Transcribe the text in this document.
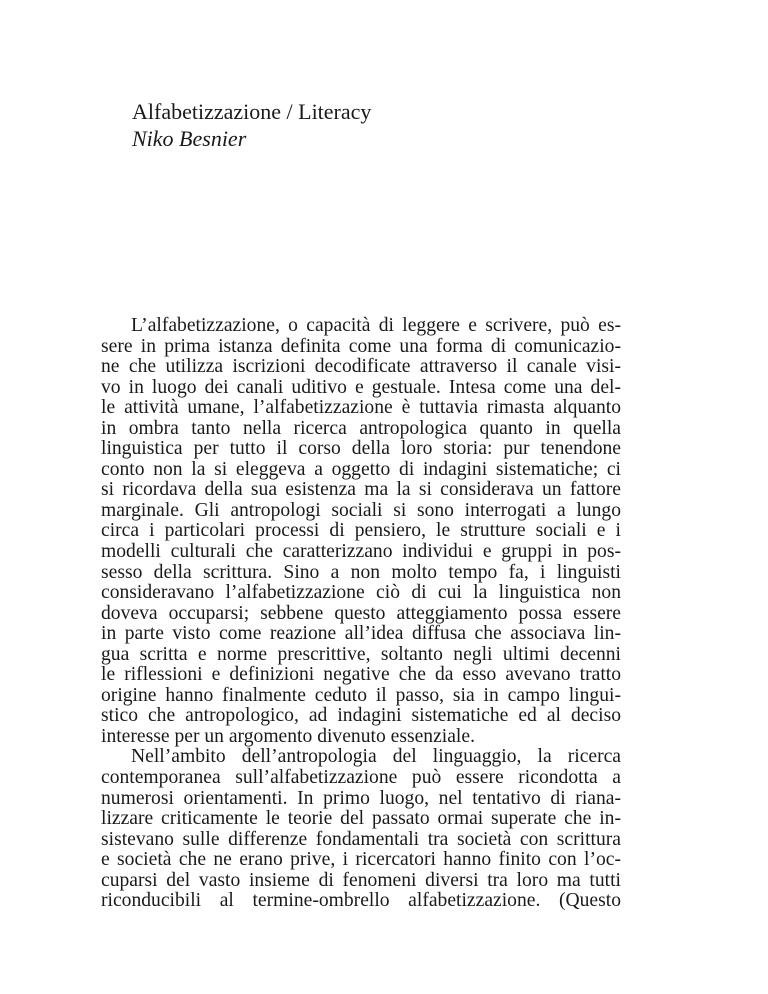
Alfabetizzazione / Literacy
Niko Besnier
L’alfabetizzazione, o capacità di leggere e scrivere, può es-
sere in prima istanza definita come una forma di comunicazio-
ne che utilizza iscrizioni decodificate attraverso il canale visi-
vo in luogo dei canali uditivo e gestuale. Intesa come una del-
le attività umane, l’alfabetizzazione è tuttavia rimasta alquanto
in ombra tanto nella ricerca antropologica quanto in quella
linguistica per tutto il corso della loro storia: pur tenendone
conto non la si eleggeva a oggetto di indagini sistematiche; ci
si ricordava della sua esistenza ma la si considerava un fattore
marginale. Gli antropologi sociali si sono interrogati a lungo
circa i particolari processi di pensiero, le strutture sociali e i
modelli culturali che caratterizzano individui e gruppi in pos-
sesso della scrittura. Sino a non molto tempo fa, i linguisti
consideravano l’alfabetizzazione ciò di cui la linguistica non
doveva occuparsi; sebbene questo atteggiamento possa essere
in parte visto come reazione all’idea diffusa che associava lin-
gua scritta e norme prescrittive, soltanto negli ultimi decenni
le riflessioni e definizioni negative che da esso avevano tratto
origine hanno finalmente ceduto il passo, sia in campo lingui-
stico che antropologico, ad indagini sistematiche ed al deciso
interesse per un argomento divenuto essenziale.
Nell’ambito dell’antropologia del linguaggio, la ricerca
contemporanea sull’alfabetizzazione può essere ricondotta a
numerosi orientamenti. In primo luogo, nel tentativo di riana-
lizzare criticamente le teorie del passato ormai superate che in-
sistevano sulle differenze fondamentali tra società con scrittura
e società che ne erano prive, i ricercatori hanno finito con l’oc-
cuparsi del vasto insieme di fenomeni diversi tra loro ma tutti
riconducibili al termine-ombrello alfabetizzazione. (Questo
